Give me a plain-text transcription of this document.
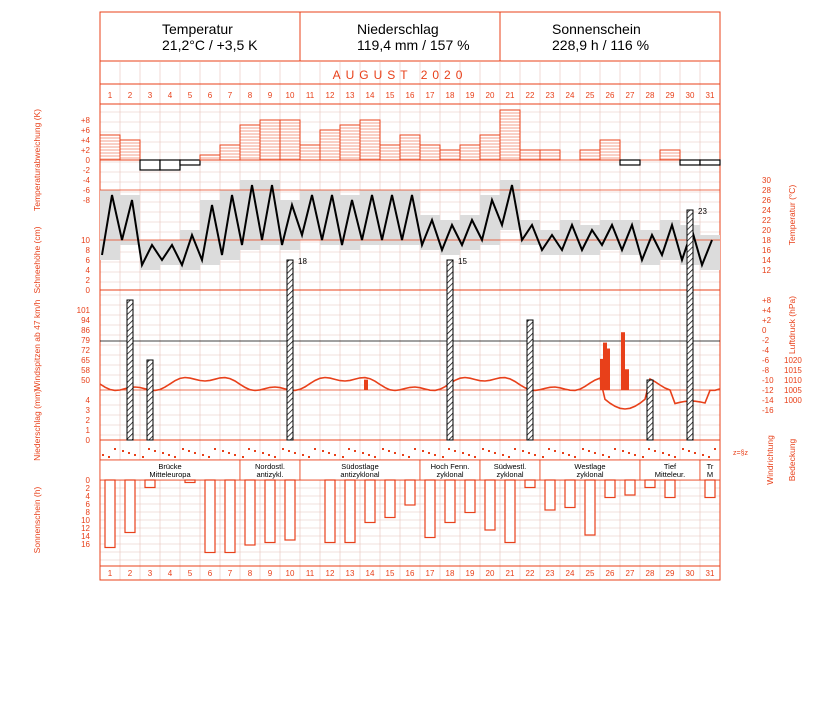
AUGUST 2020
1
1
2
2
3
3
4
4
5
5
6
6
7
7
8
8
9
9
10
10
11
11
12
12
13
13
14
14
15
15
16
16
17
17
18
18
19
19
20
20
21
21
22
22
23
23
24
24
25
25
26
26
27
27
28
28
29
29
30
30
31
31
+8
+6
+4
+2
0
-2
-4
-6
-8
30
28
26
24
22
20
18
16
14
12
10
8
6
4
2
0
101
94
86
79
72
65
58
50
+8
+4
+2
0
-2
-4
-6
-8
-10
-12
-14
-16
1020
1015
1010
1005
1000
4
3
2
1
0
18	15
23
z=§z
Brücke
Mitteleuropa
Nordostl.
antizykl.
Südostlage
antizyklonal
Hoch Fenn.
zyklonal
Südwestl.
zyklonal
Westlage
zyklonal
Tief
Mitteleur.
Tr
M
0
2
4
6
8
10
12
14
16
Temperaturabweichung (K)
Schneehöhe (cm)
Windspitzen ab 47 km/h
Niederschlag (mm)
Sonnenschein (h)
Temperatur (°C)
Luftdruck (hPa)
Windrichtung Bedeckung
Temperatur
21,2°C / +3,5 K
Niederschlag
119,4 mm / 157 %
Sonnenschein
228,9 h / 116 %
